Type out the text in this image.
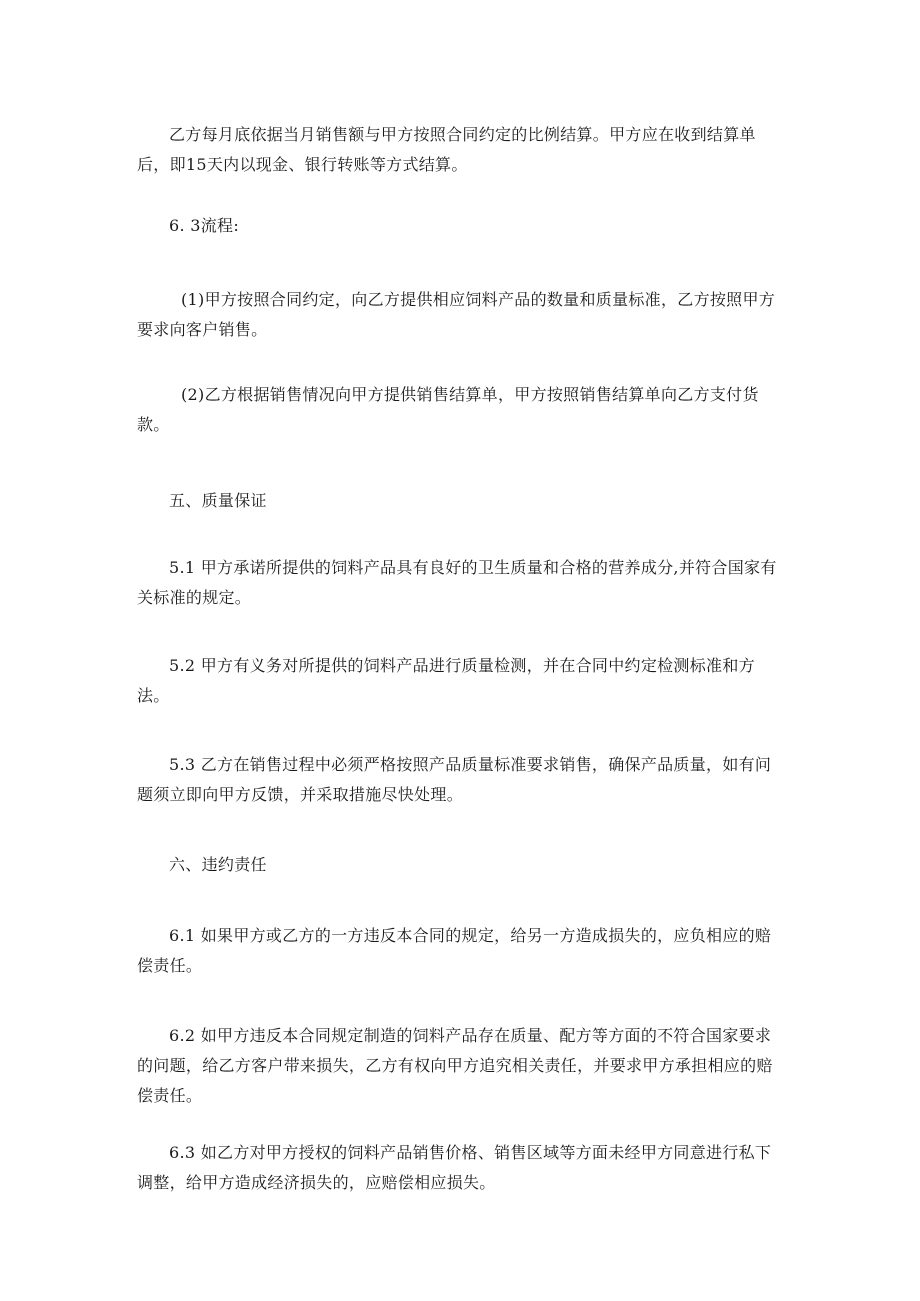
乙方每月底依据当月销售额与甲方按照合同约定的比例结算。甲方应在收到结算单后，即15天内以现金、银行转账等方式结算。

6. 3流程:

(1)甲方按照合同约定，向乙方提供相应饲料产品的数量和质量标准，乙方按照甲方要求向客户销售。

(2)乙方根据销售情况向甲方提供销售结算单，甲方按照销售结算单向乙方支付货款。

五、质量保证

5.1 甲方承诺所提供的饲料产品具有良好的卫生质量和合格的营养成分,并符合国家有关标准的规定。

5.2 甲方有义务对所提供的饲料产品进行质量检测，并在合同中约定检测标准和方法。

5.3 乙方在销售过程中必须严格按照产品质量标准要求销售，确保产品质量，如有问题须立即向甲方反馈，并采取措施尽快处理。

六、违约责任

6.1 如果甲方或乙方的一方违反本合同的规定，给另一方造成损失的，应负相应的赔偿责任。

6.2 如甲方违反本合同规定制造的饲料产品存在质量、配方等方面的不符合国家要求的问题，给乙方客户带来损失，乙方有权向甲方追究相关责任，并要求甲方承担相应的赔偿责任。

6.3 如乙方对甲方授权的饲料产品销售价格、销售区域等方面未经甲方同意进行私下调整，给甲方造成经济损失的，应赔偿相应损失。
